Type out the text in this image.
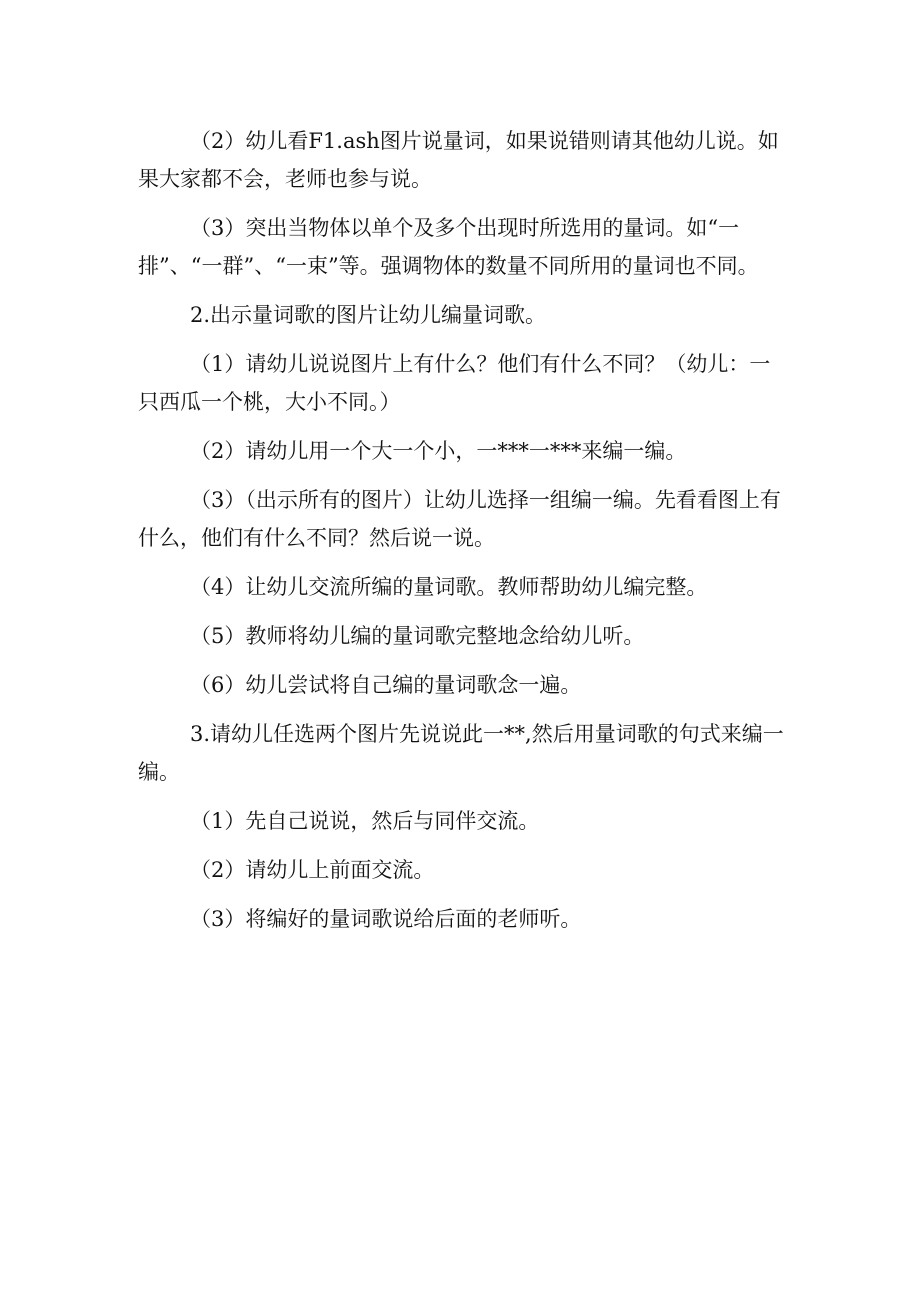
（2）幼儿看F1.ash图片说量词，如果说错则请其他幼儿说。如果大家都不会，老师也参与说。

（3）突出当物体以单个及多个出现时所选用的量词。如“一排”、“一群”、“一束”等。强调物体的数量不同所用的量词也不同。

2.出示量词歌的图片让幼儿编量词歌。

（1）请幼儿说说图片上有什么？他们有什么不同？（幼儿：一只西瓜一个桃，大小不同。）

（2）请幼儿用一个大一个小，一***一***来编一编。

（3）（出示所有的图片）让幼儿选择一组编一编。先看看图上有什么，他们有什么不同？然后说一说。

（4）让幼儿交流所编的量词歌。教师帮助幼儿编完整。

（5）教师将幼儿编的量词歌完整地念给幼儿听。

（6）幼儿尝试将自己编的量词歌念一遍。

3.请幼儿任选两个图片先说说此一**,然后用量词歌的句式来编一编。

（1）先自己说说，然后与同伴交流。

（2）请幼儿上前面交流。

（3）将编好的量词歌说给后面的老师听。
